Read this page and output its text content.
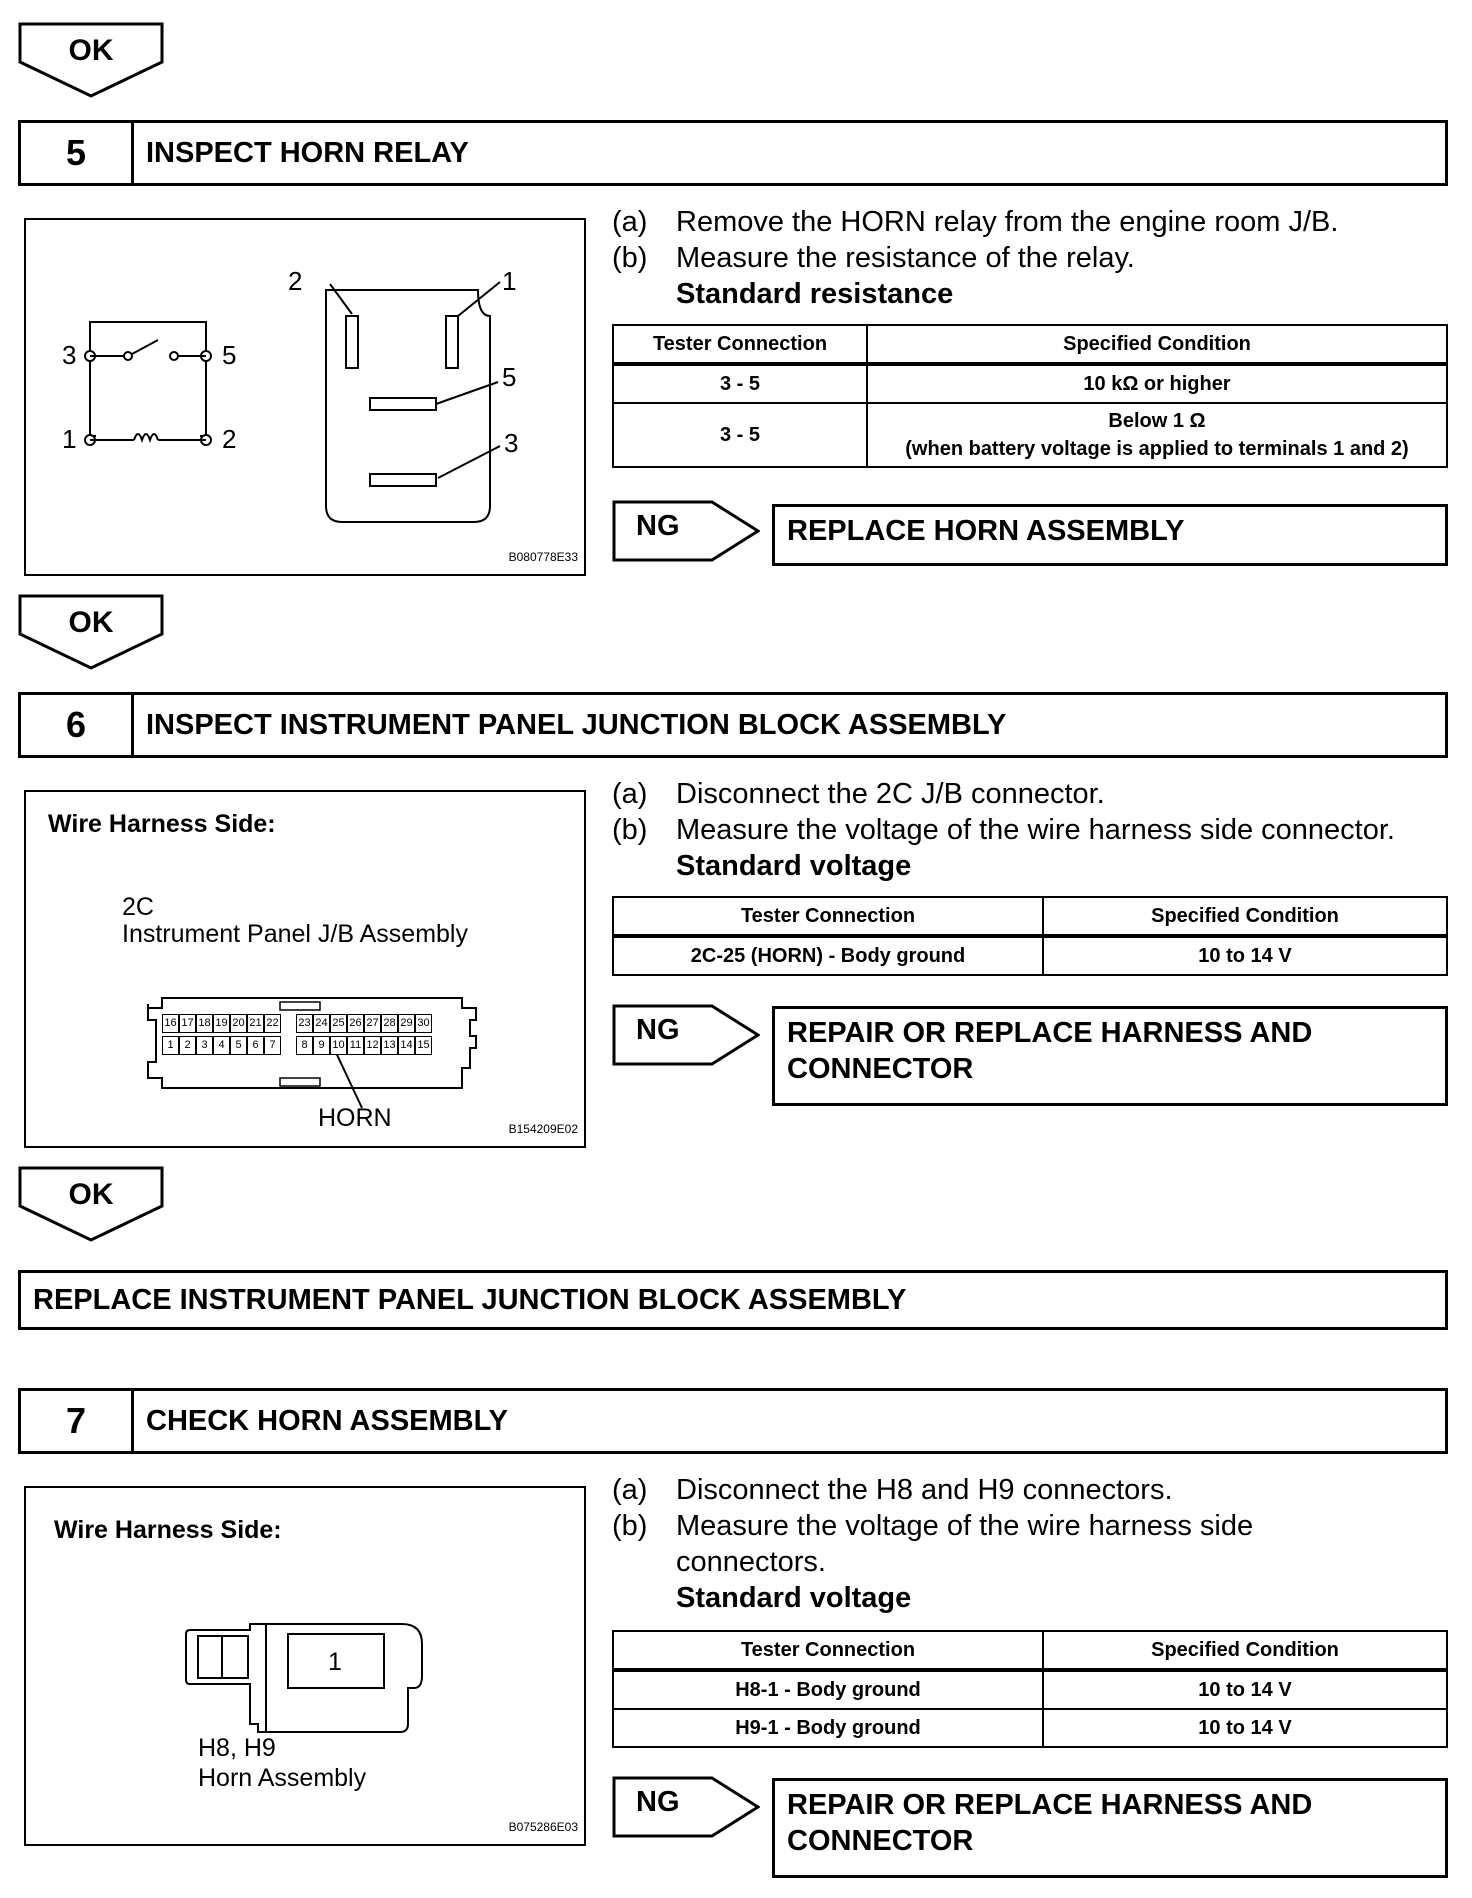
OK
5	INSPECT HORN RELAY
3	5
1	2
2	1
5
3
B080778E33
(a) Remove the HORN relay from the engine room J/B.
(b) Measure the resistance of the relay.
Standard resistance
Tester Connection	Specified Condition
3 - 5	10 kΩ or higher
3 - 5	Below 1 Ω
(when battery voltage is applied to terminals 1 and 2)
NG	REPLACE HORN ASSEMBLY
OK
6	INSPECT INSTRUMENT PANEL JUNCTION BLOCK ASSEMBLY
Wire Harness Side:
2C
Instrument Panel J/B Assembly
16 17 18 19 20 21 22 23 24 25 26 27 28 29 30
1 2 3 4 5 6 7	8 9 10 11 12 13 14 15
HORN	B154209E02
(a) Disconnect the 2C J/B connector.
(b) Measure the voltage of the wire harness side connector.
Standard voltage
Tester Connection	Specified Condition
2C-25 (HORN) - Body ground	10 to 14 V
NG	REPAIR OR REPLACE HARNESS AND
CONNECTOR
OK
REPLACE INSTRUMENT PANEL JUNCTION BLOCK ASSEMBLY
7	CHECK HORN ASSEMBLY
Wire Harness Side:
1
H8, H9
Horn Assembly
B075286E03
(a) Disconnect the H8 and H9 connectors.
(b) Measure the voltage of the wire harness side
connectors.
Standard voltage
Tester Connection	Specified Condition
H8-1 - Body ground	10 to 14 V
H9-1 - Body ground	10 to 14 V
NG	REPAIR OR REPLACE HARNESS AND
CONNECTOR
